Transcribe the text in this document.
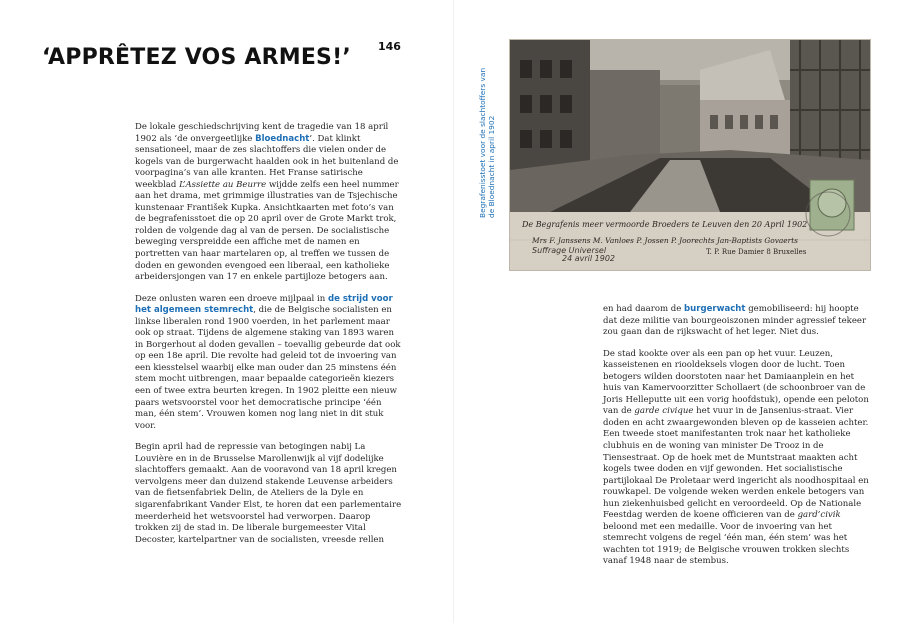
‘APPRÊTEZ VOS ARMES!’ 146

De lokale geschiedschrijving kent de tragedie van 18 april 1902 als ‘de onvergeetlijke Bloednacht’. Dat klinkt sensationeel, maar de zes slachtoffers die vielen onder de kogels van de burgerwacht haalden ook in het buitenland de voorpagina’s van alle kranten. Het Franse satirische weekblad L’Assiette au Beurre wijdde zelfs een heel nummer aan het drama, met grimmige illustraties van de Tsjechische kunstenaar František Kupka. Ansichtkaarten met foto’s van de begrafenisstoet die op 20 april over de Grote Markt trok, rolden de volgende dag al van de persen. De socialistische beweging verspreidde een affiche met de namen en portretten van haar martelaren op, al treffen we tussen de doden en gewonden evengoed een liberaal, een katholieke arbeidersjongen van 17 en enkele partijloze betogers aan.

Deze onlusten waren een droeve mijlpaal in de strijd voor het algemeen stemrecht, die de Belgische socialisten en linkse liberalen rond 1900 voerden, in het parlement maar ook op straat. Tijdens de algemene staking van 1893 waren in Borgerhout al doden gevallen – toevallig gebeurde dat ook op een 18e april. Die revolte had geleid tot de invoering van een kiesstelsel waarbij elke man ouder dan 25 minstens één stem mocht uitbrengen, maar bepaalde categorieën kiezers een of twee extra beurten kregen. In 1902 pleitte een nieuw paars wetsvoorstel voor het democratische principe ‘één man, één stem’. Vrouwen komen nog lang niet in dit stuk voor.

Begin april had de repressie van betogingen nabij La Louvière en in de Brusselse Marollenwijk al vijf dodelijke slachtoffers gemaakt. Aan de vooravond van 18 april kregen vervolgens meer dan duizend stakende Leuvense arbeiders van de fietsenfabriek Delin, de Ateliers de la Dyle en sigarenfabrikant Vander Elst, te horen dat een parlementaire meerderheid het wetsvoorstel had verworpen. Daarop trokken zij de stad in. De liberale burgemeester Vital Decoster, kartelpartner van de socialisten, vreesde rellen

Begrafenisstoet voor de slachtoffers van de Bloednacht in april 1902
De Begrafenis meer vermoorde Broeders te Leuven den 20 April 1902
Mrs F. Janssens M. Vanloes P. Jossen P. Joorechts Jan-Baptists Govaerts
T. P. Rue Damier 8 Bruxelles
Suffrage Universel
24 avril 1902

en had daarom de burgerwacht gemobiliseerd: hij hoopte dat deze militie van bourgeoiszonen minder agressief tekeer zou gaan dan de rijkswacht of het leger. Niet dus.

De stad kookte over als een pan op het vuur. Leuzen, kasseistenen en riooldeksels vlogen door de lucht. Toen betogers wilden doorstoten naar het Damiaanplein en het huis van Kamervoorzitter Schollaert (de schoonbroer van de Joris Helleputte uit een vorig hoofdstuk), opende een peloton van de garde civique het vuur in de Jansenius-straat. Vier doden en acht zwaargewonden bleven op de kasseien achter. Een tweede stoet manifestanten trok naar het katholieke clubhuis en de woning van minister De Trooz in de Tiensestraat. Op de hoek met de Muntstraat maakten acht kogels twee doden en vijf gewonden. Het socialistische partijlokaal De Proletaar werd ingericht als noodhospitaal en rouwkapel. De volgende weken werden enkele betogers van hun ziekenhuisbed gelicht en veroordeeld. Op de Nationale Feestdag werden de koene officieren van de gard’civik beloond met een medaille. Voor de invoering van het stemrecht volgens de regel ‘één man, één stem’ was het wachten tot 1919; de Belgische vrouwen trokken slechts vanaf 1948 naar de stembus.
